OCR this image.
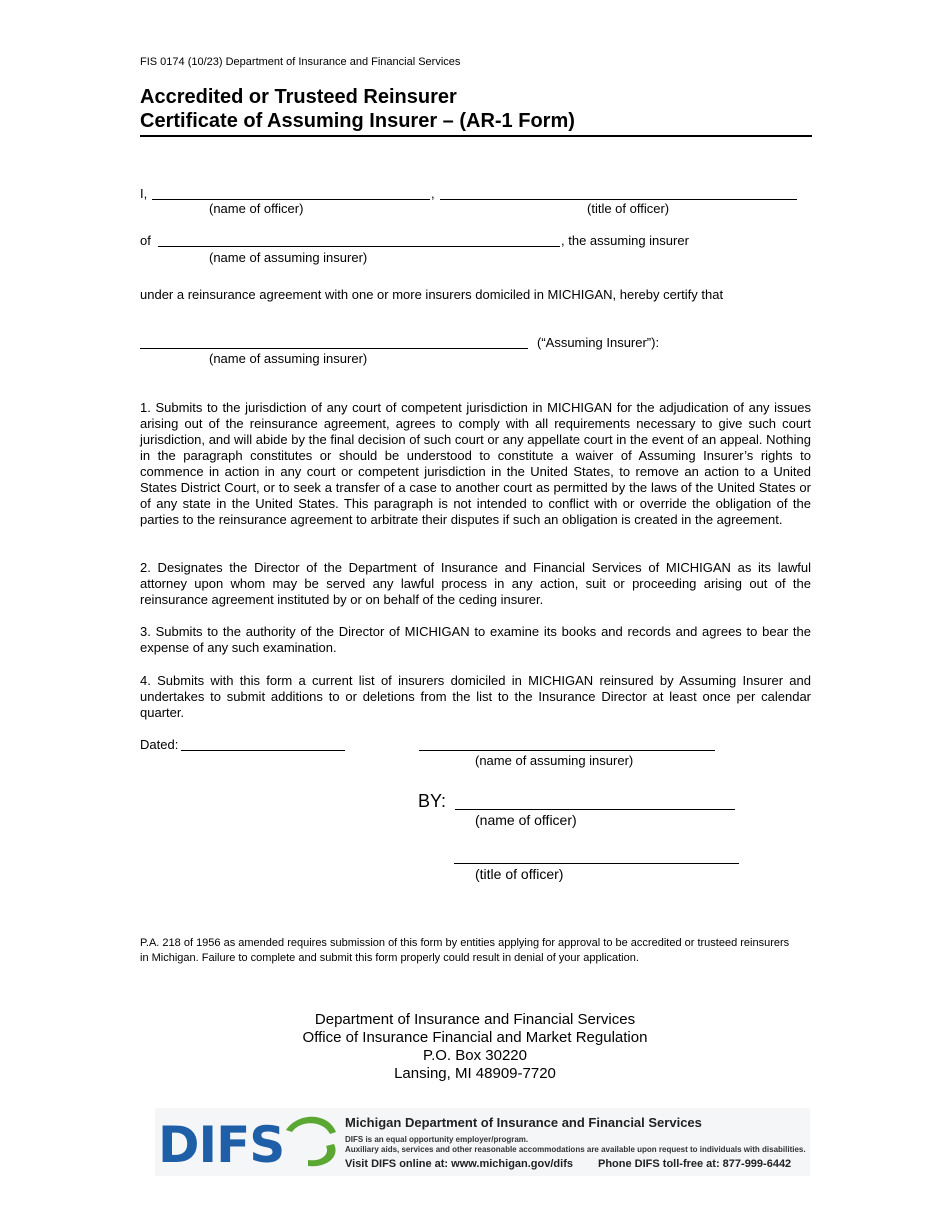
FIS 0174 (10/23) Department of Insurance and Financial Services
Accredited or Trusteed Reinsurer
Certificate of Assuming Insurer – (AR-1 Form)
I,	,
(name of officer)	(title of officer)
of	, the assuming insurer
(name of assuming insurer)
under a reinsurance agreement with one or more insurers domiciled in MICHIGAN, hereby certify that
(“Assuming Insurer”):
(name of assuming insurer)
1. Submits to the jurisdiction of any court of competent jurisdiction in MICHIGAN for the adjudication of any issues arising out of the reinsurance agreement, agrees to comply with all requirements necessary to give such court jurisdiction, and will abide by the final decision of such court or any appellate court in the event of an appeal. Nothing in the paragraph constitutes or should be understood to constitute a waiver of Assuming Insurer’s rights to commence in action in any court or competent jurisdiction in the United States, to remove an action to a United States District Court, or to seek a transfer of a case to another court as permitted by the laws of the United States or of any state in the United States. This paragraph is not intended to conflict with or override the obligation of the parties to the reinsurance agreement to arbitrate their disputes if such an obligation is created in the agreement.
2. Designates the Director of the Department of Insurance and Financial Services of MICHIGAN as its lawful attorney upon whom may be served any lawful process in any action, suit or proceeding arising out of the reinsurance agreement instituted by or on behalf of the ceding insurer.
3. Submits to the authority of the Director of MICHIGAN to examine its books and records and agrees to bear the expense of any such examination.
4. Submits with this form a current list of insurers domiciled in MICHIGAN reinsured by Assuming Insurer and undertakes to submit additions to or deletions from the list to the Insurance Director at least once per calendar quarter.
Dated:
(name of assuming insurer)
BY:
(name of officer)
(title of officer)
P.A. 218 of 1956 as amended requires submission of this form by entities applying for approval to be accredited or trusteed reinsurers in Michigan. Failure to complete and submit this form properly could result in denial of your application.
Department of Insurance and Financial Services
Office of Insurance Financial and Market Regulation
P.O. Box 30220
Lansing, MI 48909-7720
DIFS	Michigan Department of Insurance and Financial Services
DIFS is an equal opportunity employer/program.
Auxiliary aids, services and other reasonable accommodations are available upon request to individuals with disabilities.
Visit DIFS online at: www.michigan.gov/difs Phone DIFS toll-free at: 877-999-6442
